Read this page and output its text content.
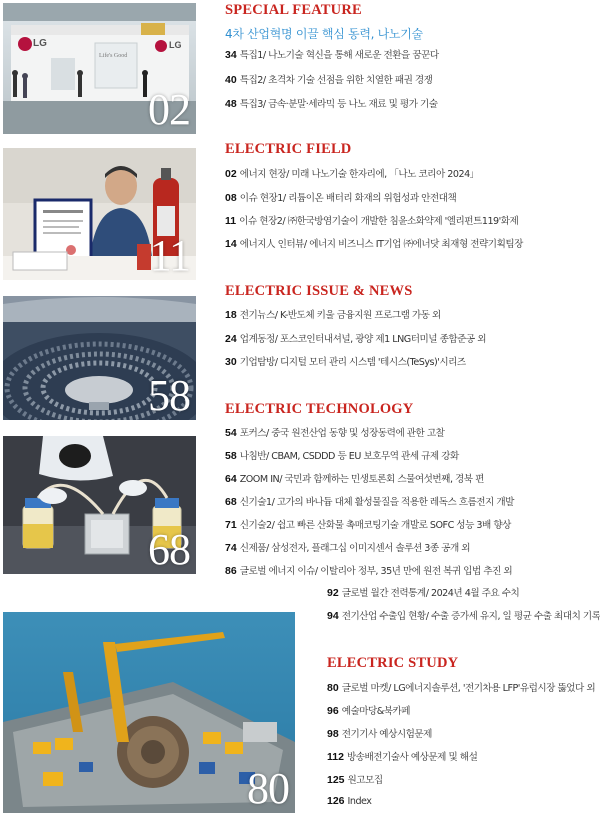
LG	LG
Life's Good
02
11
58
68
80
SPECIAL FEATURE
4차 산업혁명 이끌 핵심 동력, 나노기술
34 특집1/ 나노기술 혁신을 통해 새로운 전환을 꿈꾼다
40 특집2/ 초격차 기술 선점을 위한 치열한 패권 경쟁
48 특집3/ 금속·분말·세라믹 등 나노 재료 및 평가 기술
ELECTRIC FIELD
02 에너지 현장/ 미래 나노기술 한자리에, 「나노 코리아 2024」
08 이슈 현장1/ 리튬이온 배터리 화재의 위험성과 안전대책
11 이슈 현장2/ ㈜한국방염기술이 개발한 침윤소화약제 '엘리펀트119'화제
14 에너지人 인터뷰/ 에너지 비즈니스 IT기업 ㈜에너닷 최재형 전략기획팀장
ELECTRIC ISSUE & NEWS
18 전기뉴스/ K-반도체 키울 금융지원 프로그램 가동 외
24 업계동정/ 포스코인터내셔널, 광양 제1 LNG터미널 종합준공 외
30 기업탐방/ 디지털 모터 관리 시스템 '테시스(TeSys)'시리즈
ELECTRIC TECHNOLOGY
54 포커스/ 중국 원전산업 동향 및 성장동력에 관한 고찰
58 나침반/ CBAM, CSDDD 등 EU 보호무역 관세 규제 강화
64 ZOOM IN/ 국민과 함께하는 민생토론회 스물여섯번째, 경북 편
68 신기술1/ 고가의 바나듐 대체 활성물질을 적용한 레독스 흐름전지 개발
71 신기술2/ 쉽고 빠른 산화물 촉매코팅기술 개발로 SOFC 성능 3배 향상
74 신제품/ 삼성전자, 플래그십 이미지센서 솔루션 3종 공개 외
86 글로벌 에너지 이슈/ 이탈리아 정부, 35년 만에 원전 복귀 입법 추진 외
92 글로벌 월간 전력통계/ 2024년 4월 주요 수치
94 전기산업 수출입 현황/ 수출 증가세 유지, 일 평균 수출 최대치 기록
ELECTRIC STUDY
80 글로벌 마켓/ LG에너지솔루션, '전기차용 LFP'유럽시장 뚫었다 외
96 예술마당&북카페
98 전기기사 예상시험문제
112 방송배전기술사 예상문제 및 해설
125 원고모집
126 Index
